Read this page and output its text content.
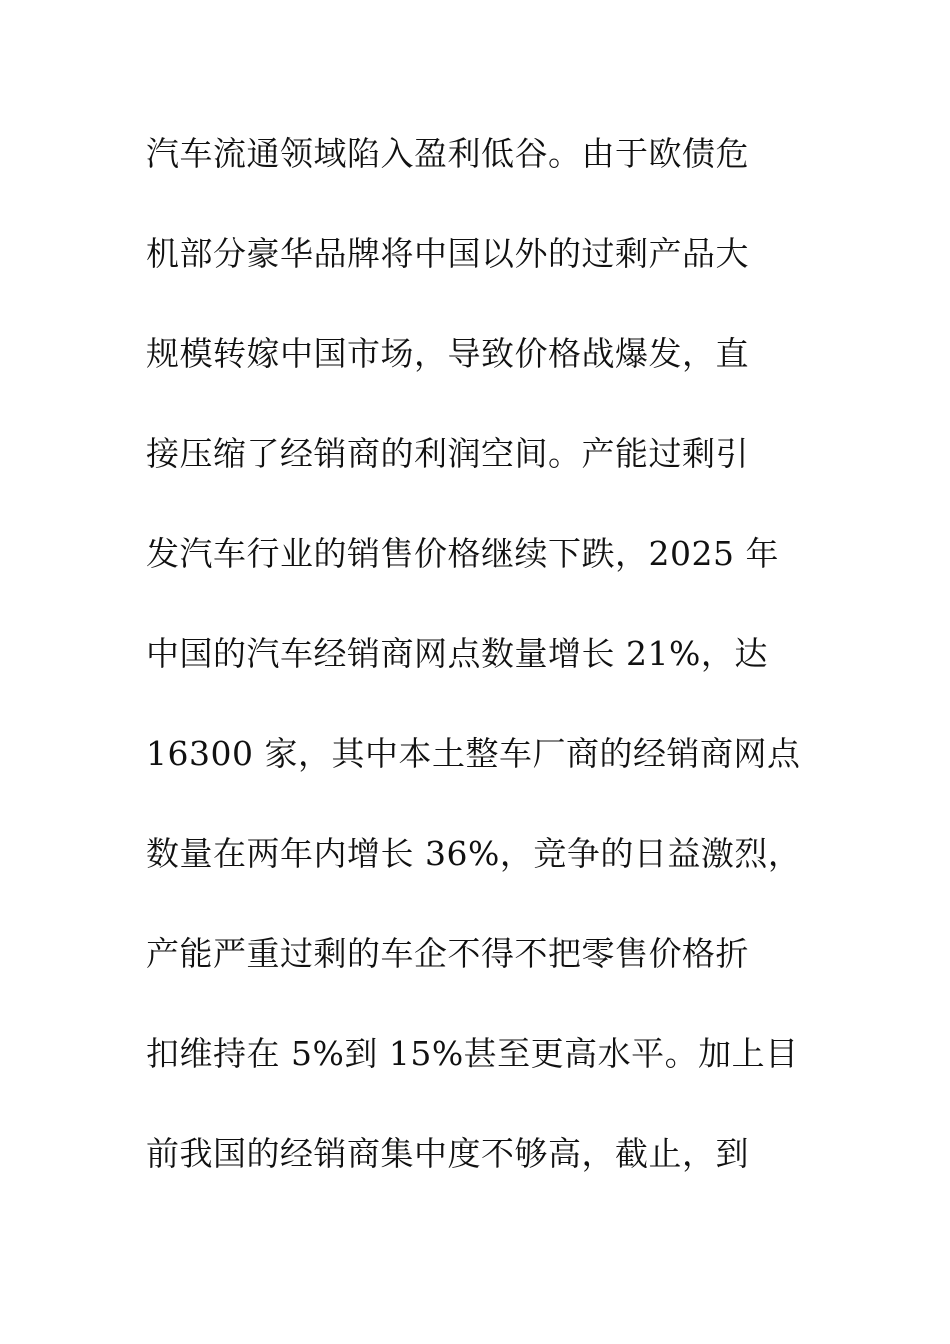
汽车流通领域陷入盈利低谷。由于欧债危
机部分豪华品牌将中国以外的过剩产品大
规模转嫁中国市场，导致价格战爆发，直
接压缩了经销商的利润空间。产能过剩引
发汽车行业的销售价格继续下跌，2025 年
中国的汽车经销商网点数量增长 21%，达
16300 家，其中本土整车厂商的经销商网点
数量在两年内增长 36%，竞争的日益激烈，
产能严重过剩的车企不得不把零售价格折
扣维持在 5%到 15%甚至更高水平。加上目
前我国的经销商集中度不够高，截止，到
